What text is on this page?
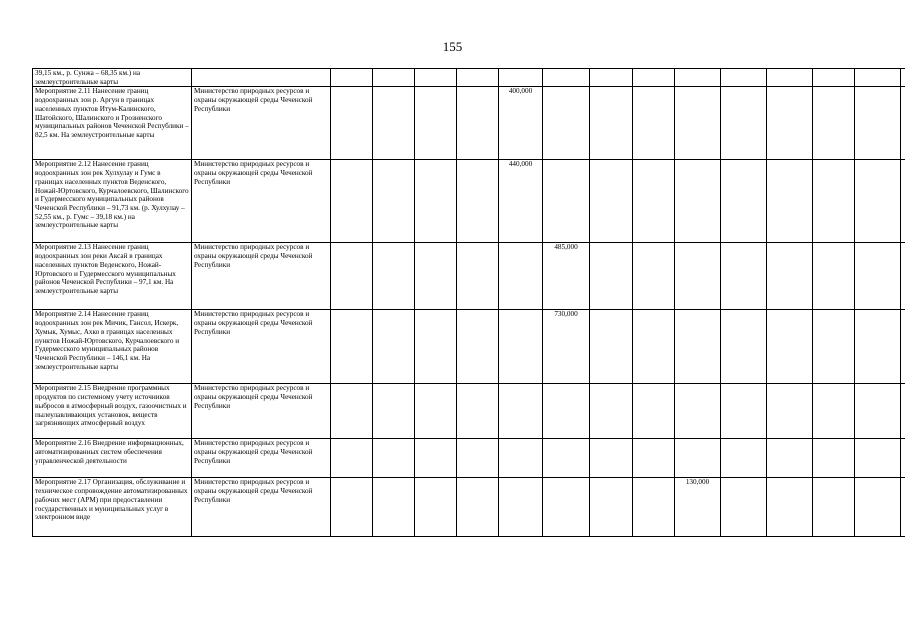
155
39,15 км., р. Сунжа – 68,35 км.) на землеустроительные карты																
Мероприятие 2.11 Нанесение границ водоохранных зон р. Аргун в границах населенных пунктов Итум-Калинского, Шатойского, Шалинского и Грозненского муниципальных районов Чеченской Республики – 82,5 км. На землеустроительные карты	Министерство природных ресурсов и охраны окружающей среды Чеченской Республики					400,000										
Мероприятие 2.12 Нанесение границ водоохранных зон рек Хулхулау и Гумс в границах населенных пунктов Веденского, Ножай-Юртовского, Курчалоевского, Шалинского и Гудермесского муниципальных районов Чеченской Республики – 91,73 км. (р. Хулхулау – 52,55 км., р. Гумс – 39,18 км.) на землеустроительные карты	Министерство природных ресурсов и охраны окружающей среды Чеченской Республики					440,000										
Мероприятие 2.13 Нанесение границ водоохранных зон реки Аксай в границах населенных пунктов Веденского, Ножай-Юртовского и Гудермесского муниципальных районов Чеченской Республики – 97,1 км. На землеустроительные карты	Министерство природных ресурсов и охраны окружающей среды Чеченской Республики						485,000									
Мероприятие 2.14 Нанесение границ водоохранных зон рек Мичик, Гансол, Искерк, Хумык, Хумыс, Ахко в границах населенных пунктов Ножай-Юртовского, Курчалоевского и Гудермесского муниципальных районов Чеченской Республики – 146,1 км. На землеустроительные карты	Министерство природных ресурсов и охраны окружающей среды Чеченской Республики						730,000									
Мероприятие 2.15 Внедрение программных продуктов по системному учету источников выбросов в атмосферный воздух, газоочистных и пылеулавливающих установок, веществ загрязняющих атмосферный воздух	Министерство природных ресурсов и охраны окружающей среды Чеченской Республики															
Мероприятие 2.16 Внедрение информационных, автоматизированных систем обеспечения управленческой деятельности	Министерство природных ресурсов и охраны окружающей среды Чеченской Республики															
Мероприятие 2.17 Организация, обслуживание и техническое сопровождение автоматизированных рабочих мест (АРМ) при предоставлении государственных и муниципальных услуг в электронном виде	Министерство природных ресурсов и охраны окружающей среды Чеченской Республики									130,000						
